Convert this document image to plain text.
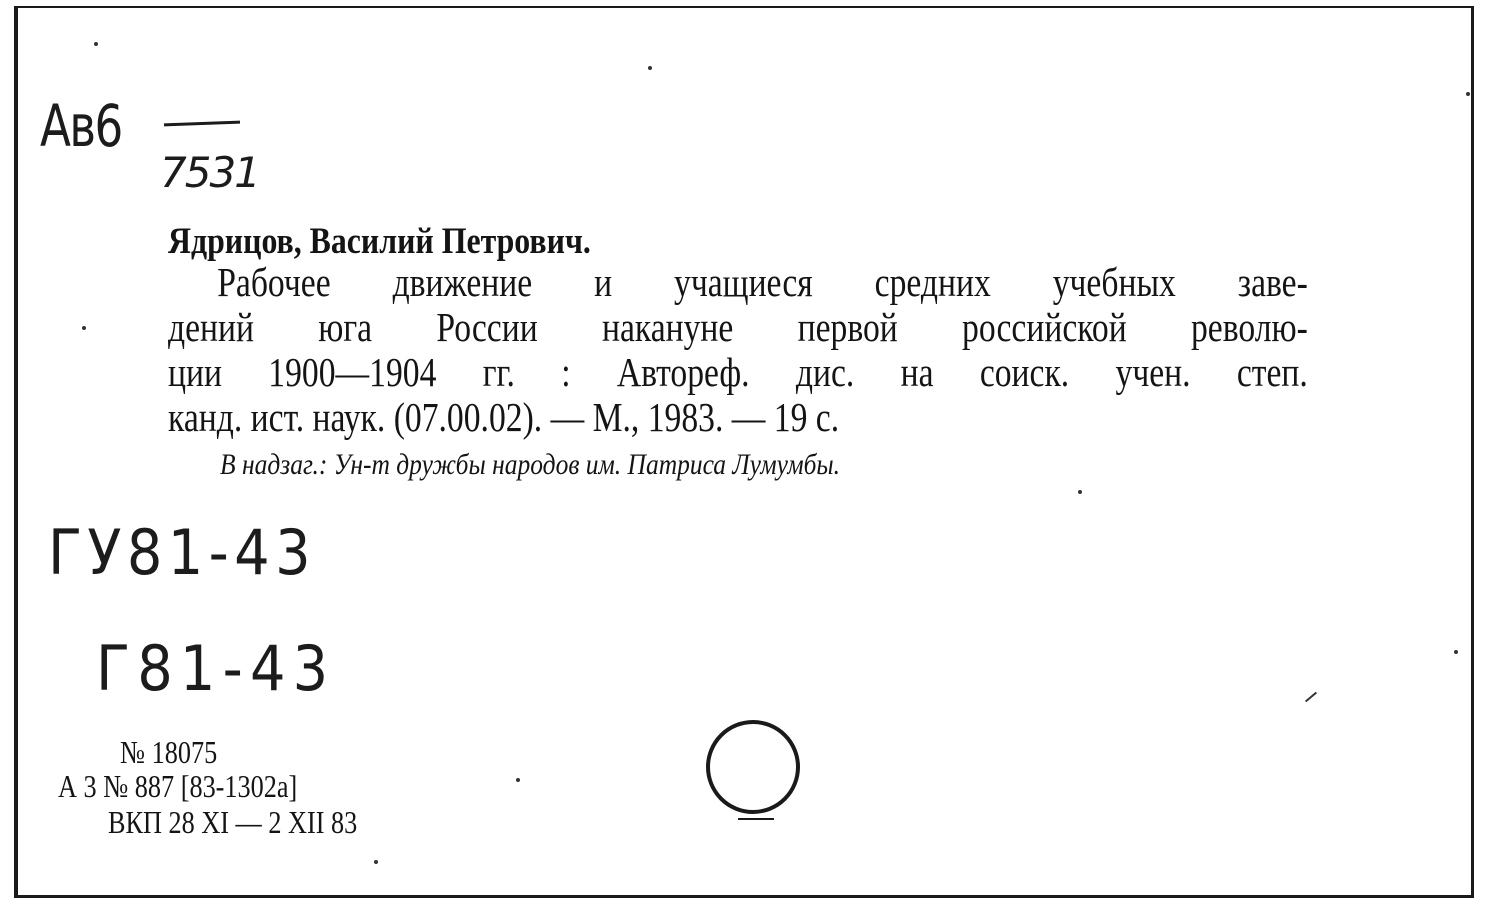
Ав6
7531
Ядрицов, Василий Петрович.
Рабочее движение и учащиеся средних учебных заве-
дений юга России накануне первой российской револю-
ции 1900—1904 гг. : Автореф. дис. на соиск. учен. степ.
канд. ист. наук. (07.00.02). — М., 1983. — 19 с.
В надзаг.: Ун-т дружбы народов им. Патриса Лумумбы.
ГУ81-43
Г81-43
№ 18075
А 3 № 887 [83-1302а]
ВКП 28 XI — 2 XII 83
